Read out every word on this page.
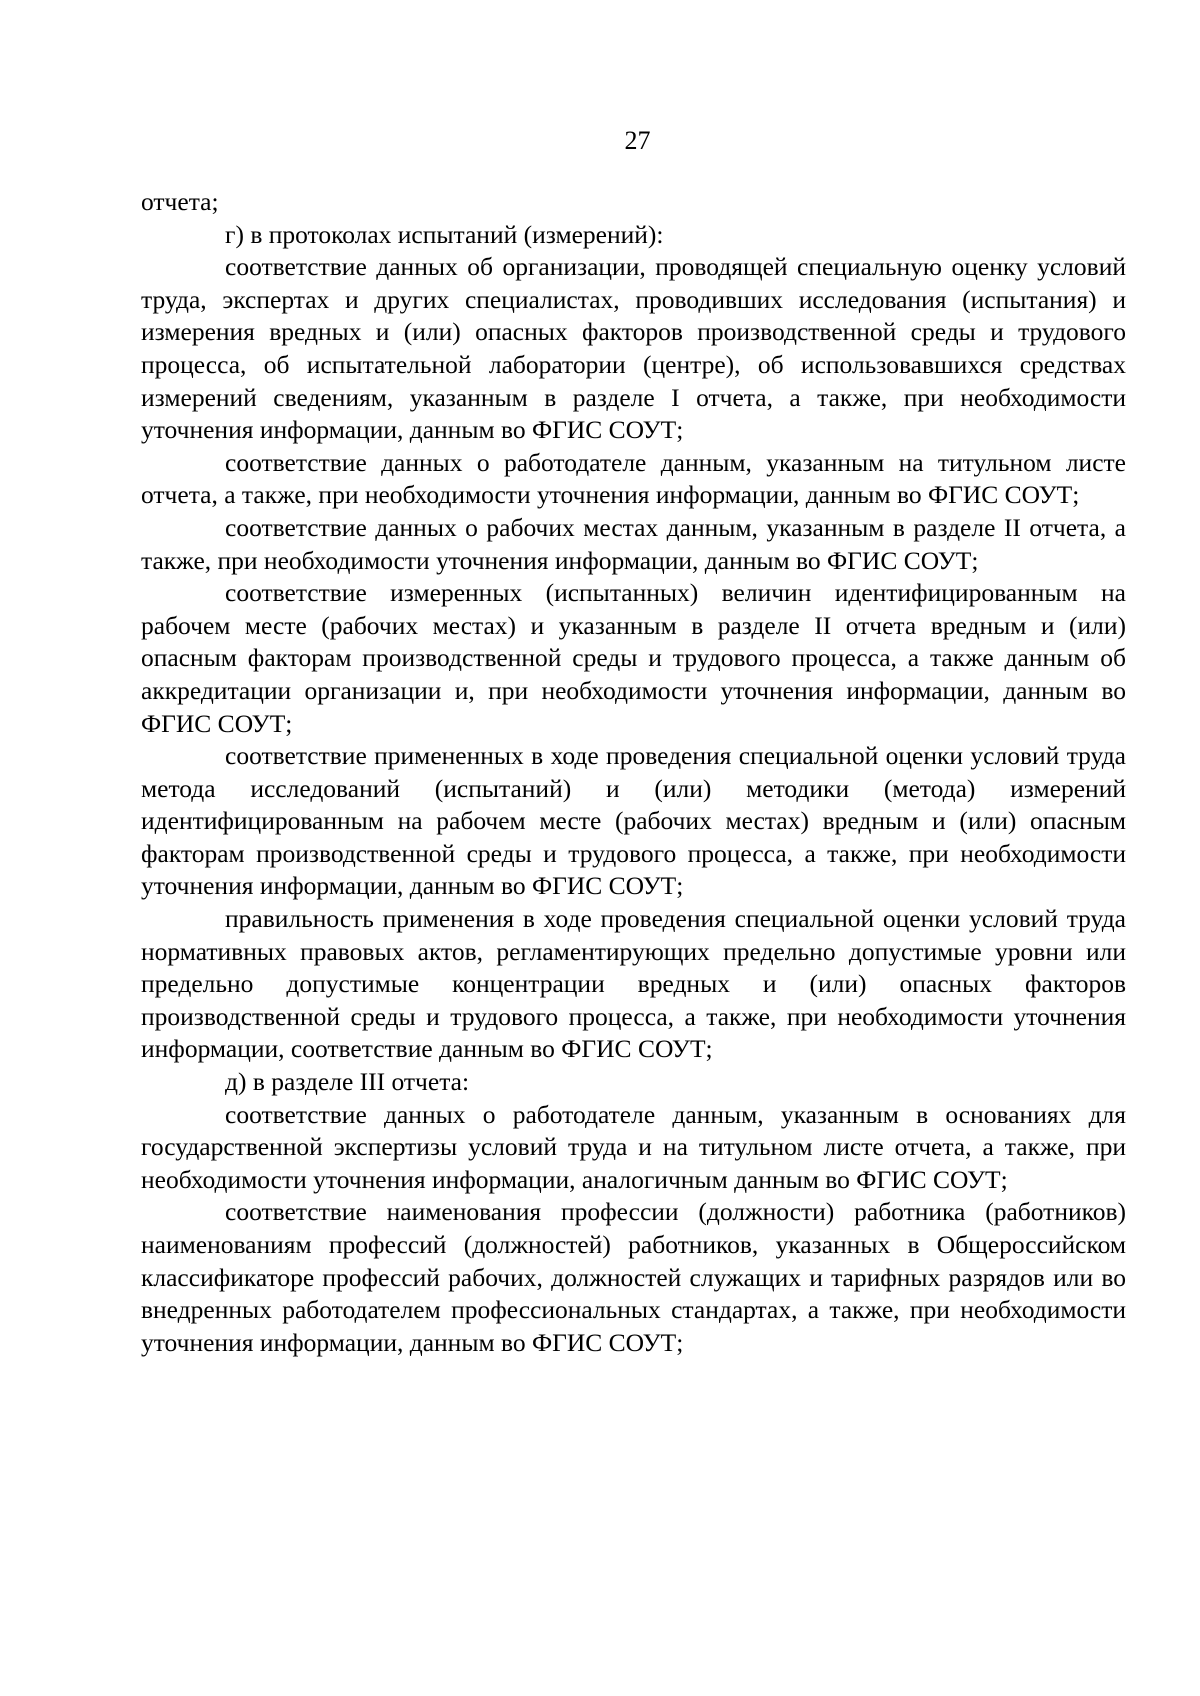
27

отчета;

г) в протоколах испытаний (измерений):

соответствие данных об организации, проводящей специальную оценку условий труда, экспертах и других специалистах, проводивших исследования (испытания) и измерения вредных и (или) опасных факторов производственной среды и трудового процесса, об испытательной лаборатории (центре), об использовавшихся средствах измерений сведениям, указанным в разделе I отчета, а также, при необходимости уточнения информации, данным во ФГИС СОУТ;

соответствие данных о работодателе данным, указанным на титульном листе отчета, а также, при необходимости уточнения информации, данным во ФГИС СОУТ;

соответствие данных о рабочих местах данным, указанным в разделе II отчета, а также, при необходимости уточнения информации, данным во ФГИС СОУТ;

соответствие измеренных (испытанных) величин идентифицированным на рабочем месте (рабочих местах) и указанным в разделе II отчета вредным и (или) опасным факторам производственной среды и трудового процесса, а также данным об аккредитации организации и, при необходимости уточнения информации, данным во ФГИС СОУТ;

соответствие примененных в ходе проведения специальной оценки условий труда метода исследований (испытаний) и (или) методики (метода) измерений идентифицированным на рабочем месте (рабочих местах) вредным и (или) опасным факторам производственной среды и трудового процесса, а также, при необходимости уточнения информации, данным во ФГИС СОУТ;

правильность применения в ходе проведения специальной оценки условий труда нормативных правовых актов, регламентирующих предельно допустимые уровни или предельно допустимые концентрации вредных и (или) опасных факторов производственной среды и трудового процесса, а также, при необходимости уточнения информации, соответствие данным во ФГИС СОУТ;

д) в разделе III отчета:

соответствие данных о работодателе данным, указанным в основаниях для государственной экспертизы условий труда и на титульном листе отчета, а также, при необходимости уточнения информации, аналогичным данным во ФГИС СОУТ;

соответствие наименования профессии (должности) работника (работников) наименованиям профессий (должностей) работников, указанных в Общероссийском классификаторе профессий рабочих, должностей служащих и тарифных разрядов или во внедренных работодателем профессиональных стандартах, а также, при необходимости уточнения информации, данным во ФГИС СОУТ;
